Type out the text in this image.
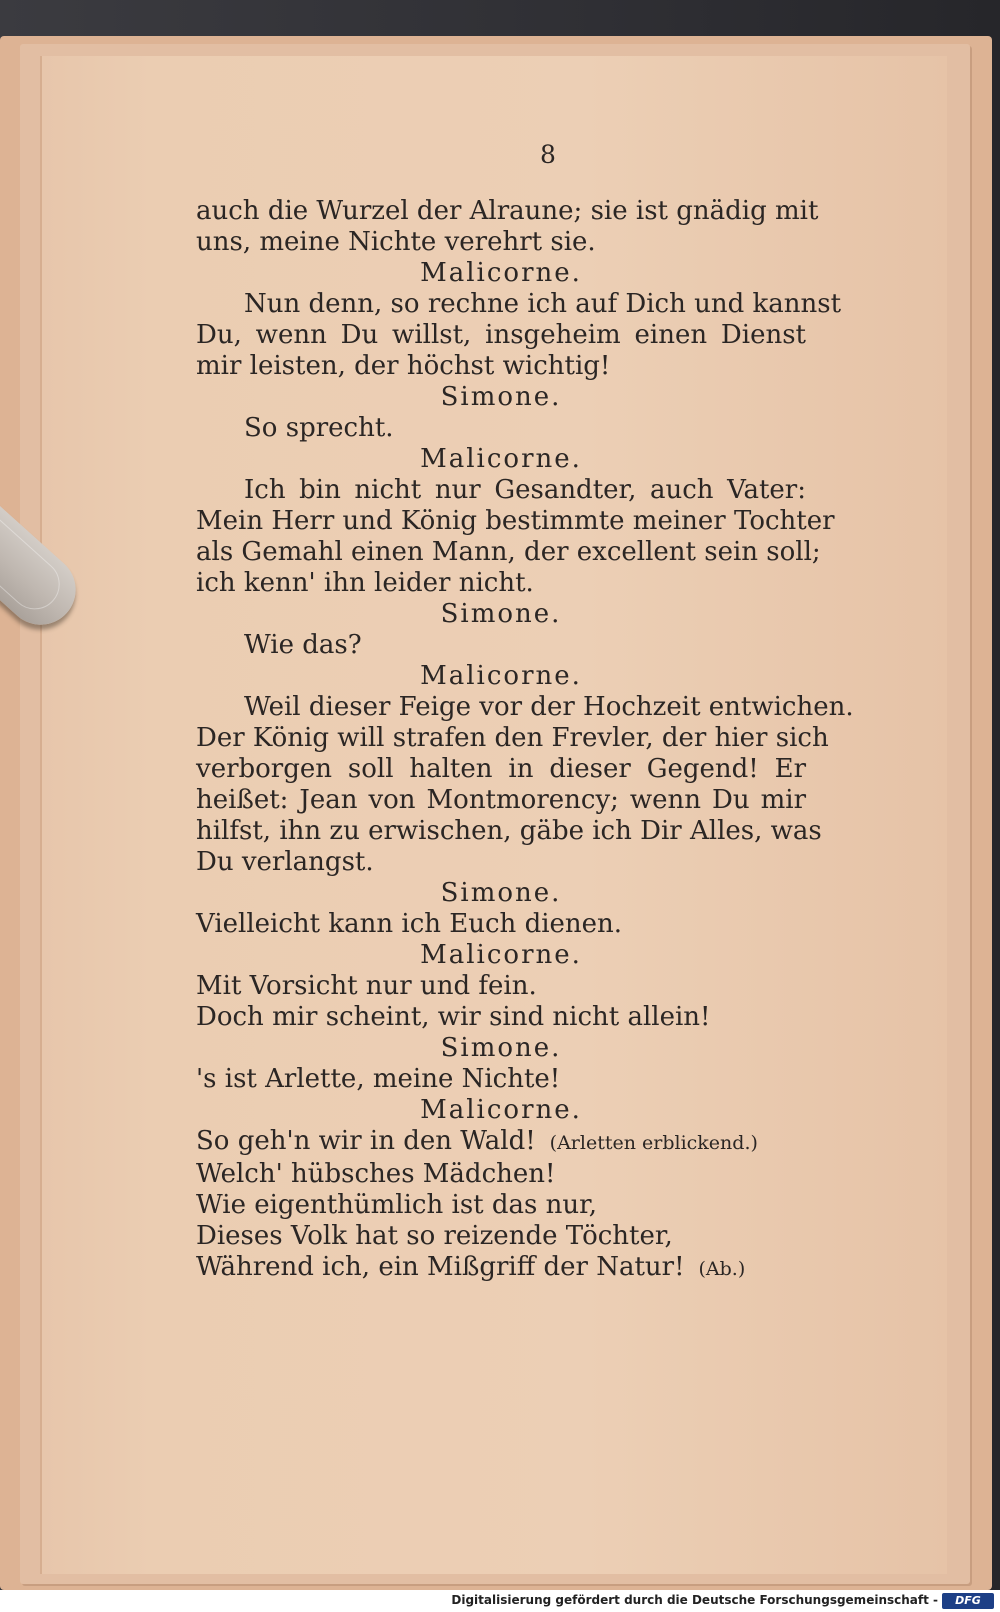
8
auch die Wurzel der Alraune; sie ist gnädig mit
uns, meine Nichte verehrt sie.
Malicorne.
Nun denn, so rechne ich auf Dich und kannst
Du, wenn Du willst, insgeheim einen Dienst
mir leisten, der höchst wichtig!
Simone.
So sprecht.
Malicorne.
Ich bin nicht nur Gesandter, auch Vater:
Mein Herr und König bestimmte meiner Tochter
als Gemahl einen Mann, der excellent sein soll;
ich kenn' ihn leider nicht.
Simone.
Wie das?
Malicorne.
Weil dieser Feige vor der Hochzeit entwichen.
Der König will strafen den Frevler, der hier sich
verborgen soll halten in dieser Gegend! Er
heißet: Jean von Montmorency; wenn Du mir
hilfst, ihn zu erwischen, gäbe ich Dir Alles, was
Du verlangst.
Simone.
Vielleicht kann ich Euch dienen.
Malicorne.
Mit Vorsicht nur und fein.
Doch mir scheint, wir sind nicht allein!
Simone.
's ist Arlette, meine Nichte!
Malicorne.
So geh'n wir in den Wald! (Arletten erblickend.)
Welch' hübsches Mädchen!
Wie eigenthümlich ist das nur,
Dieses Volk hat so reizende Töchter,
Während ich, ein Mißgriff der Natur! (Ab.)
Digitalisierung gefördert durch die Deutsche Forschungsgemeinschaft -	DFG
